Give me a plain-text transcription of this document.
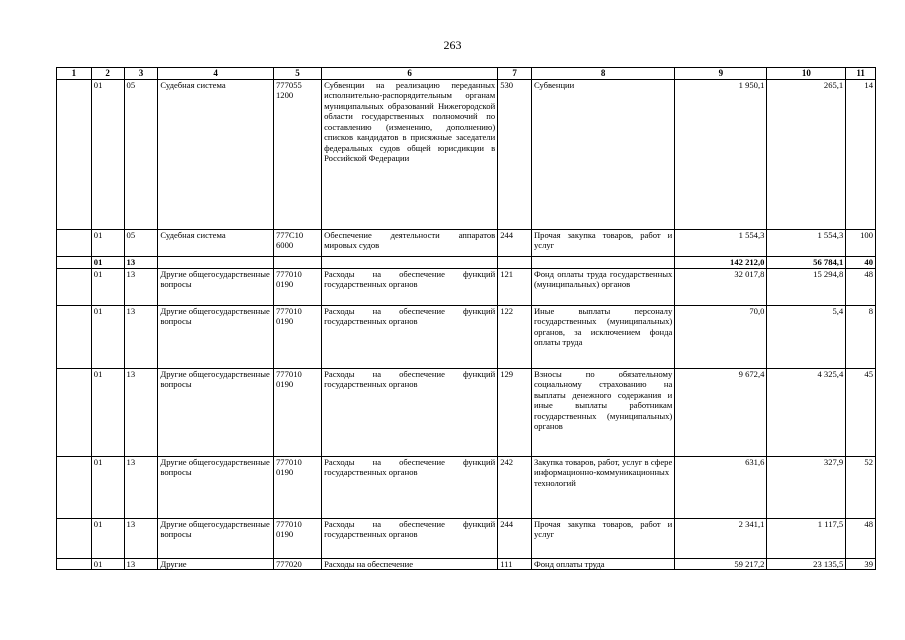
263
1	2	3	4	5	6	7	8	9	10	11
	01	05	Судебная система	777055 1200	Субвенции на реализацию переданных исполнительно-распорядительным органам муниципальных образований Нижегородской области государственных полномочий по составлению (изменению, дополнению) списков кандидатов в присяжные заседатели федеральных судов общей юрисдикции в Российской Федерации	530	Субвенции	1 950,1	265,1	14
	01	05	Судебная система	777С10 6000	Обеспечение деятельности аппаратов мировых судов	244	Прочая закупка товаров, работ и услуг	1 554,3	1 554,3	100
	01	13						142 212,0	56 784,1	40
	01	13	Другие общегосударственные вопросы	777010 0190	Расходы на обеспечение функций государственных органов	121	Фонд оплаты труда государственных (муниципальных) органов	32 017,8	15 294,8	48
	01	13	Другие общегосударственные вопросы	777010 0190	Расходы на обеспечение функций государственных органов	122	Иные выплаты персоналу государственных (муниципальных) органов, за исключением фонда оплаты труда	70,0	5,4	8
	01	13	Другие общегосударственные вопросы	777010 0190	Расходы на обеспечение функций государственных органов	129	Взносы по обязательному социальному страхованию на выплаты денежного содержания и иные выплаты работникам государственных (муниципальных) органов	9 672,4	4 325,4	45
	01	13	Другие общегосударственные вопросы	777010 0190	Расходы на обеспечение функций государственных органов	242	Закупка товаров, работ, услуг в сфере информационно-коммуникационных технологий	631,6	327,9	52
	01	13	Другие общегосударственные вопросы	777010 0190	Расходы на обеспечение функций государственных органов	244	Прочая закупка товаров, работ и услуг	2 341,1	1 117,5	48
	01	13	Другие	777020	Расходы на обеспечение	111	Фонд оплаты труда	59 217,2	23 135,5	39
